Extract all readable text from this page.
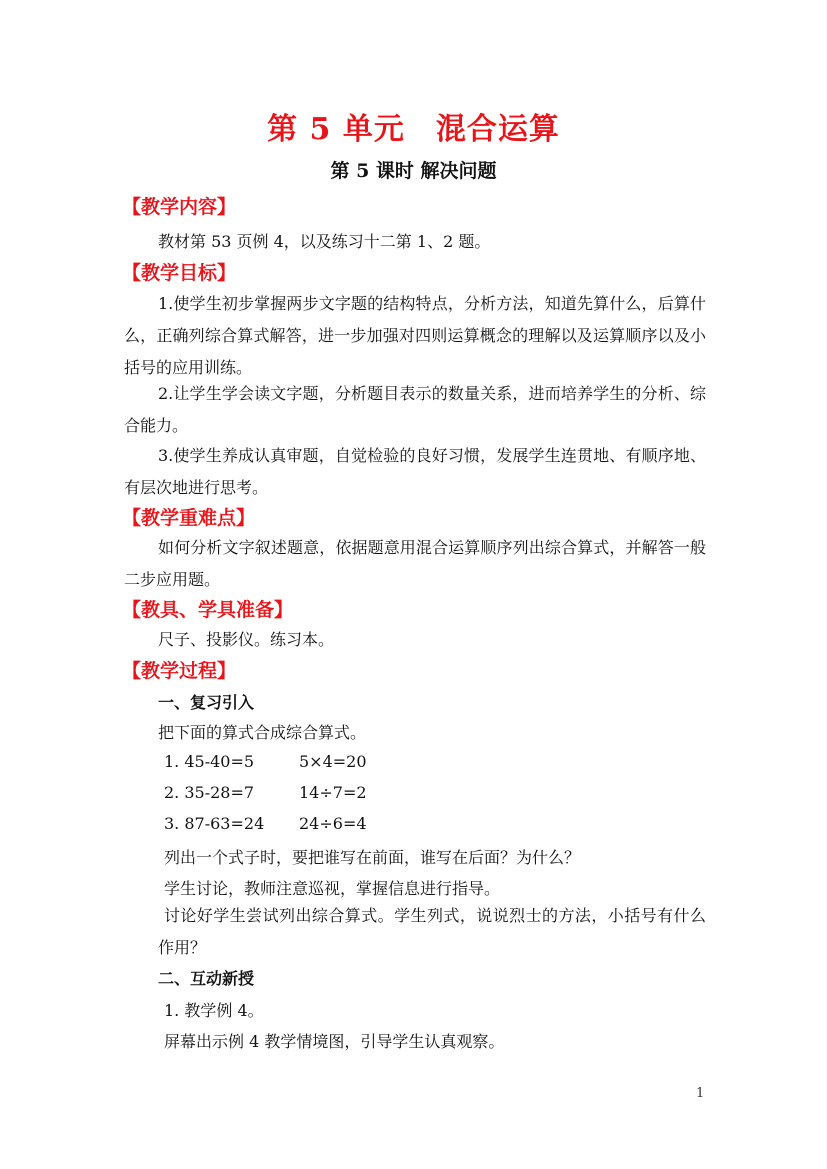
第 5 单元　混合运算
第 5 课时 解决问题
【教学内容】
教材第 53 页例 4，以及练习十二第 1、2 题。
【教学目标】
1.使学生初步掌握两步文字题的结构特点，分析方法，知道先算什么，后算什么，正确列综合算式解答，进一步加强对四则运算概念的理解以及运算顺序以及小括号的应用训练。
2.让学生学会读文字题，分析题目表示的数量关系，进而培养学生的分析、综合能力。
3.使学生养成认真审题，自觉检验的良好习惯，发展学生连贯地、有顺序地、有层次地进行思考。
【教学重难点】
如何分析文字叙述题意，依据题意用混合运算顺序列出综合算式，并解答一般二步应用题。
【教具、学具准备】
尺子、投影仪。练习本。
【教学过程】
一、复习引入
把下面的算式合成综合算式。
1. 45-40=5	5×4=20
2. 35-28=7	14÷7=2
3. 87-63=24 24÷6=4
列出一个式子时，要把谁写在前面，谁写在后面？为什么？
学生讨论，教师注意巡视，掌握信息进行指导。
讨论好学生尝试列出综合算式。学生列式，说说烈士的方法，小括号有什么作用？
二、互动新授
1. 教学例 4。
屏幕出示例 4 教学情境图，引导学生认真观察。
1
